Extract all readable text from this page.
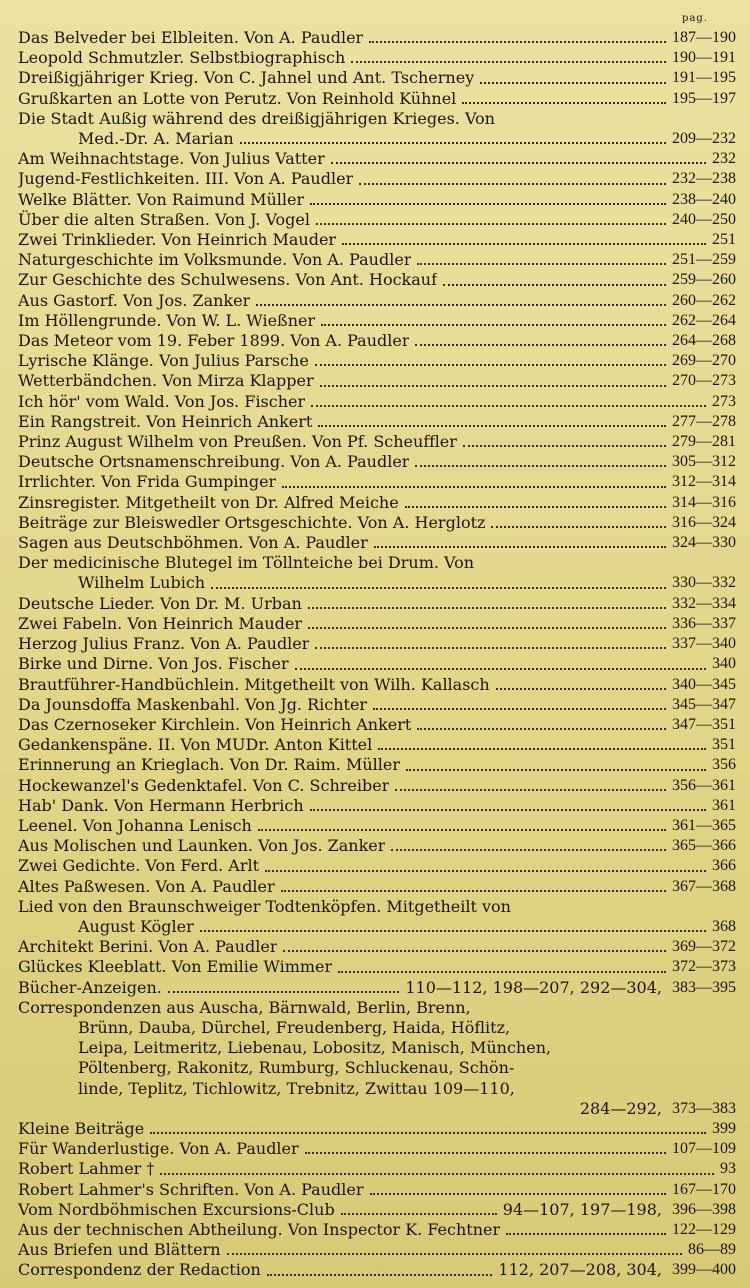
pag.
Das Belveder bei Elbleiten. Von A. Paudler	187—190
Leopold Schmutzler. Selbstbiographisch	190—191
Dreißigjähriger Krieg. Von C. Jahnel und Ant. Tscherney	191—195
Grußkarten an Lotte von Perutz. Von Reinhold Kühnel	195—197
Die Stadt Außig während des dreißigjährigen Krieges. Von
Med.-Dr. A. Marian	209—232
Am Weihnachtstage. Von Julius Vatter	232
Jugend-Festlichkeiten. III. Von A. Paudler	232—238
Welke Blätter. Von Raimund Müller	238—240
Über die alten Straßen. Von J. Vogel	240—250
Zwei Trinklieder. Von Heinrich Mauder	251
Naturgeschichte im Volksmunde. Von A. Paudler	251—259
Zur Geschichte des Schulwesens. Von Ant. Hockauf	259—260
Aus Gastorf. Von Jos. Zanker	260—262
Im Höllengrunde. Von W. L. Wießner	262—264
Das Meteor vom 19. Feber 1899. Von A. Paudler	264—268
Lyrische Klänge. Von Julius Parsche	269—270
Wetterbändchen. Von Mirza Klapper	270—273
Ich hör' vom Wald. Von Jos. Fischer	273
Ein Rangstreit. Von Heinrich Ankert	277—278
Prinz August Wilhelm von Preußen. Von Pf. Scheuffler	279—281
Deutsche Ortsnamenschreibung. Von A. Paudler	305—312
Irrlichter. Von Frida Gumpinger	312—314
Zinsregister. Mitgetheilt von Dr. Alfred Meiche	314—316
Beiträge zur Bleiswedler Ortsgeschichte. Von A. Herglotz	316—324
Sagen aus Deutschböhmen. Von A. Paudler	324—330
Der medicinische Blutegel im Töllnteiche bei Drum. Von
Wilhelm Lubich	330—332
Deutsche Lieder. Von Dr. M. Urban	332—334
Zwei Fabeln. Von Heinrich Mauder	336—337
Herzog Julius Franz. Von A. Paudler	337—340
Birke und Dirne. Von Jos. Fischer	340
Brautführer-Handbüchlein. Mitgetheilt von Wilh. Kallasch	340—345
Da Jounsdoffa Maskenbahl. Von Jg. Richter	345—347
Das Czernoseker Kirchlein. Von Heinrich Ankert	347—351
Gedankenspäne. II. Von MUDr. Anton Kittel	351
Erinnerung an Krieglach. Von Dr. Raim. Müller	356
Hockewanzel's Gedenktafel. Von C. Schreiber	356—361
Hab' Dank. Von Hermann Herbrich	361
Leenel. Von Johanna Lenisch	361—365
Aus Molischen und Launken. Von Jos. Zanker	365—366
Zwei Gedichte. Von Ferd. Arlt	366
Altes Paßwesen. Von A. Paudler	367—368
Lied von den Braunschweiger Todtenköpfen. Mitgetheilt von
August Kögler	368
Architekt Berini. Von A. Paudler	369—372
Glückes Kleeblatt. Von Emilie Wimmer	372—373
Bücher-Anzeigen.	110—112, 198—207, 292—304, 383—395
Correspondenzen aus Auscha, Bärnwald, Berlin, Brenn,
Brünn, Dauba, Dürchel, Freudenberg, Haida, Höflitz,
Leipa, Leitmeritz, Liebenau, Lobositz, Manisch, München,
Pöltenberg, Rakonitz, Rumburg, Schluckenau, Schön-
linde, Teplitz, Tichlowitz, Trebnitz, Zwittau 109—110,
284—292, 373—383
Kleine Beiträge	399
Für Wanderlustige. Von A. Paudler	107—109
Robert Lahmer †	93
Robert Lahmer's Schriften. Von A. Paudler	167—170
Vom Nordböhmischen Excursions-Club	94—107, 197—198, 396—398
Aus der technischen Abtheilung. Von Inspector K. Fechtner	122—129
Aus Briefen und Blättern	86—89
Correspondenz der Redaction	112, 207—208, 304, 399—400
